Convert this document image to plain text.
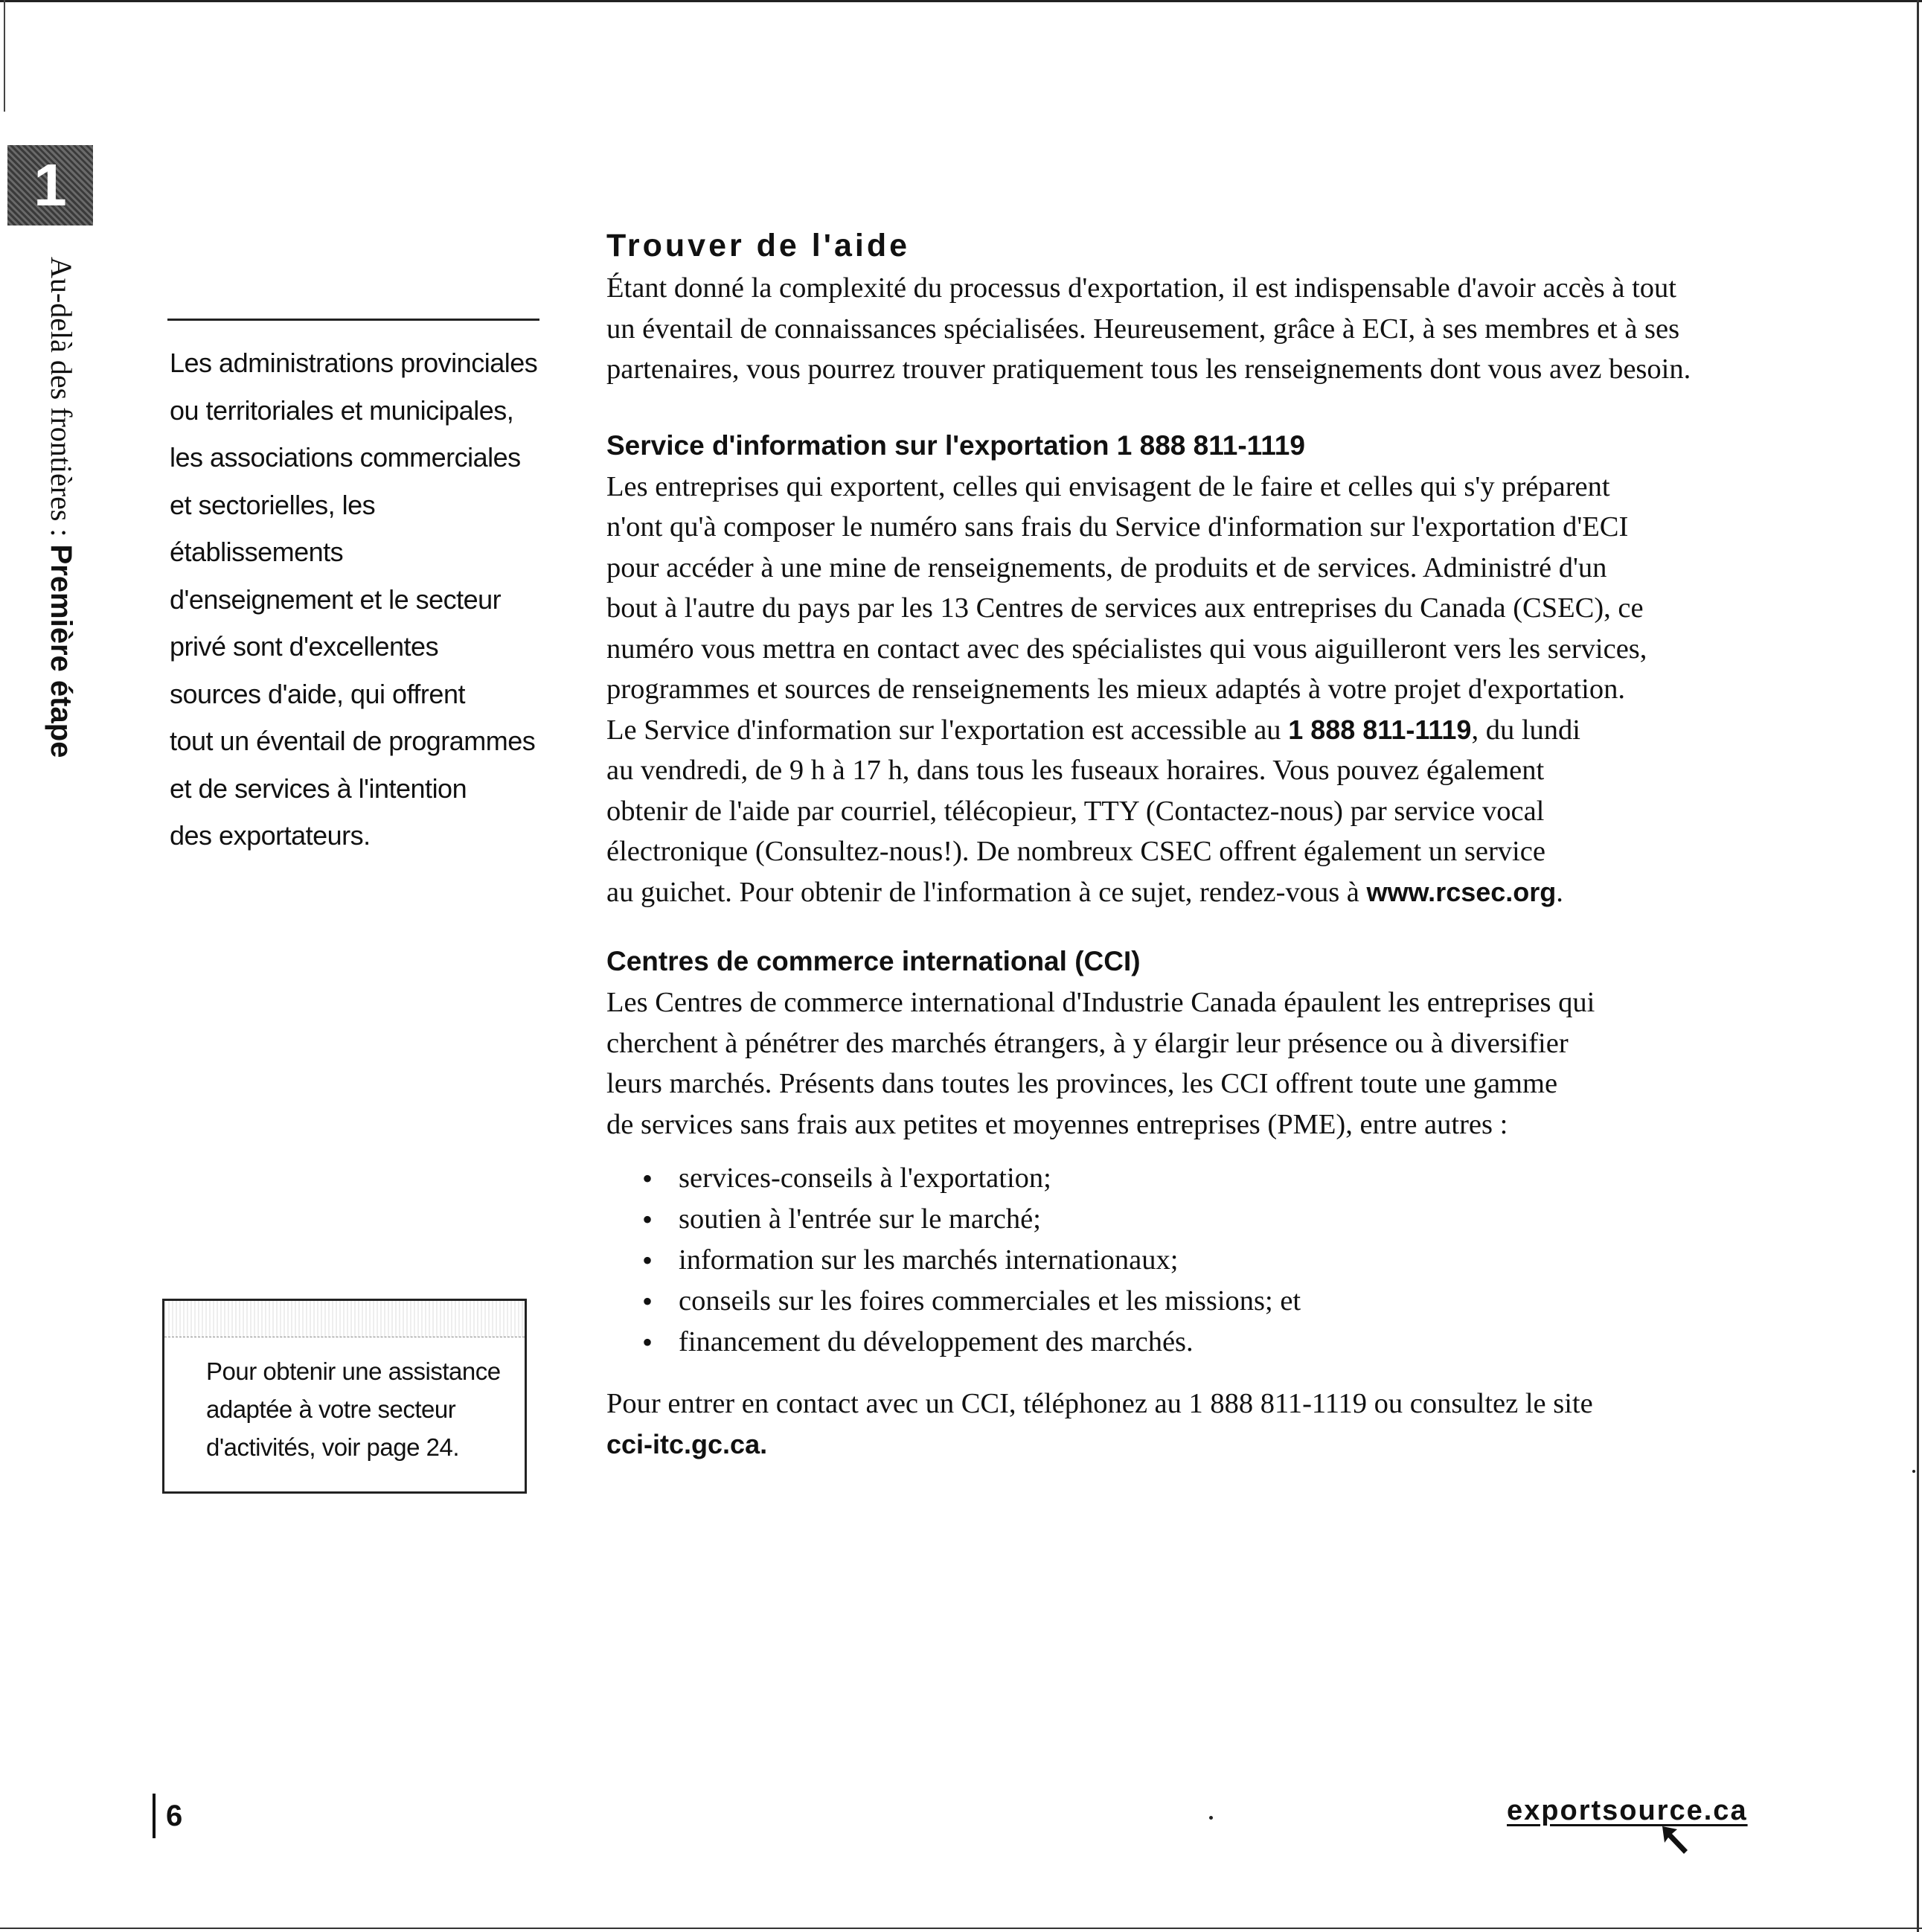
1
Au-delà des frontières : Première étape

Les administrations provinciales

ou territoriales et municipales,

les associations commerciales

et sectorielles, les établissements

d'enseignement et le secteur

privé sont d'excellentes

sources d'aide, qui offrent

tout un éventail de programmes

et de services à l'intention

des exportateurs.

Pour obtenir une assistance
adaptée à votre secteur
d'activités, voir page 24.

Trouver de l'aide

Étant donné la complexité du processus d'exportation, il est indispensable d'avoir accès à tout
un éventail de connaissances spécialisées. Heureusement, grâce à ECI, à ses membres et à ses
partenaires, vous pourrez trouver pratiquement tous les renseignements dont vous avez besoin.

Service d'information sur l'exportation 1 888 811-1119

Les entreprises qui exportent, celles qui envisagent de le faire et celles qui s'y préparent
n'ont qu'à composer le numéro sans frais du Service d'information sur l'exportation d'ECI
pour accéder à une mine de renseignements, de produits et de services. Administré d'un
bout à l'autre du pays par les 13 Centres de services aux entreprises du Canada (CSEC), ce
numéro vous mettra en contact avec des spécialistes qui vous aiguilleront vers les services,
programmes et sources de renseignements les mieux adaptés à votre projet d'exportation.
Le Service d'information sur l'exportation est accessible au 1 888 811-1119, du lundi
au vendredi, de 9 h à 17 h, dans tous les fuseaux horaires. Vous pouvez également
obtenir de l'aide par courriel, télécopieur, TTY (Contactez-nous) par service vocal
électronique (Consultez-nous!). De nombreux CSEC offrent également un service
au guichet. Pour obtenir de l'information à ce sujet, rendez-vous à www.rcsec.org.

Centres de commerce international (CCI)

Les Centres de commerce international d'Industrie Canada épaulent les entreprises qui
cherchent à pénétrer des marchés étrangers, à y élargir leur présence ou à diversifier
leurs marchés. Présents dans toutes les provinces, les CCI offrent toute une gamme
de services sans frais aux petites et moyennes entreprises (PME), entre autres :

• services-conseils à l'exportation;
• soutien à l'entrée sur le marché;
• information sur les marchés internationaux;
• conseils sur les foires commerciales et les missions; et
• financement du développement des marchés.

Pour entrer en contact avec un CCI, téléphonez au 1 888 811-1119 ou consultez le site
cci-itc.gc.ca.

6	exportsource.ca
